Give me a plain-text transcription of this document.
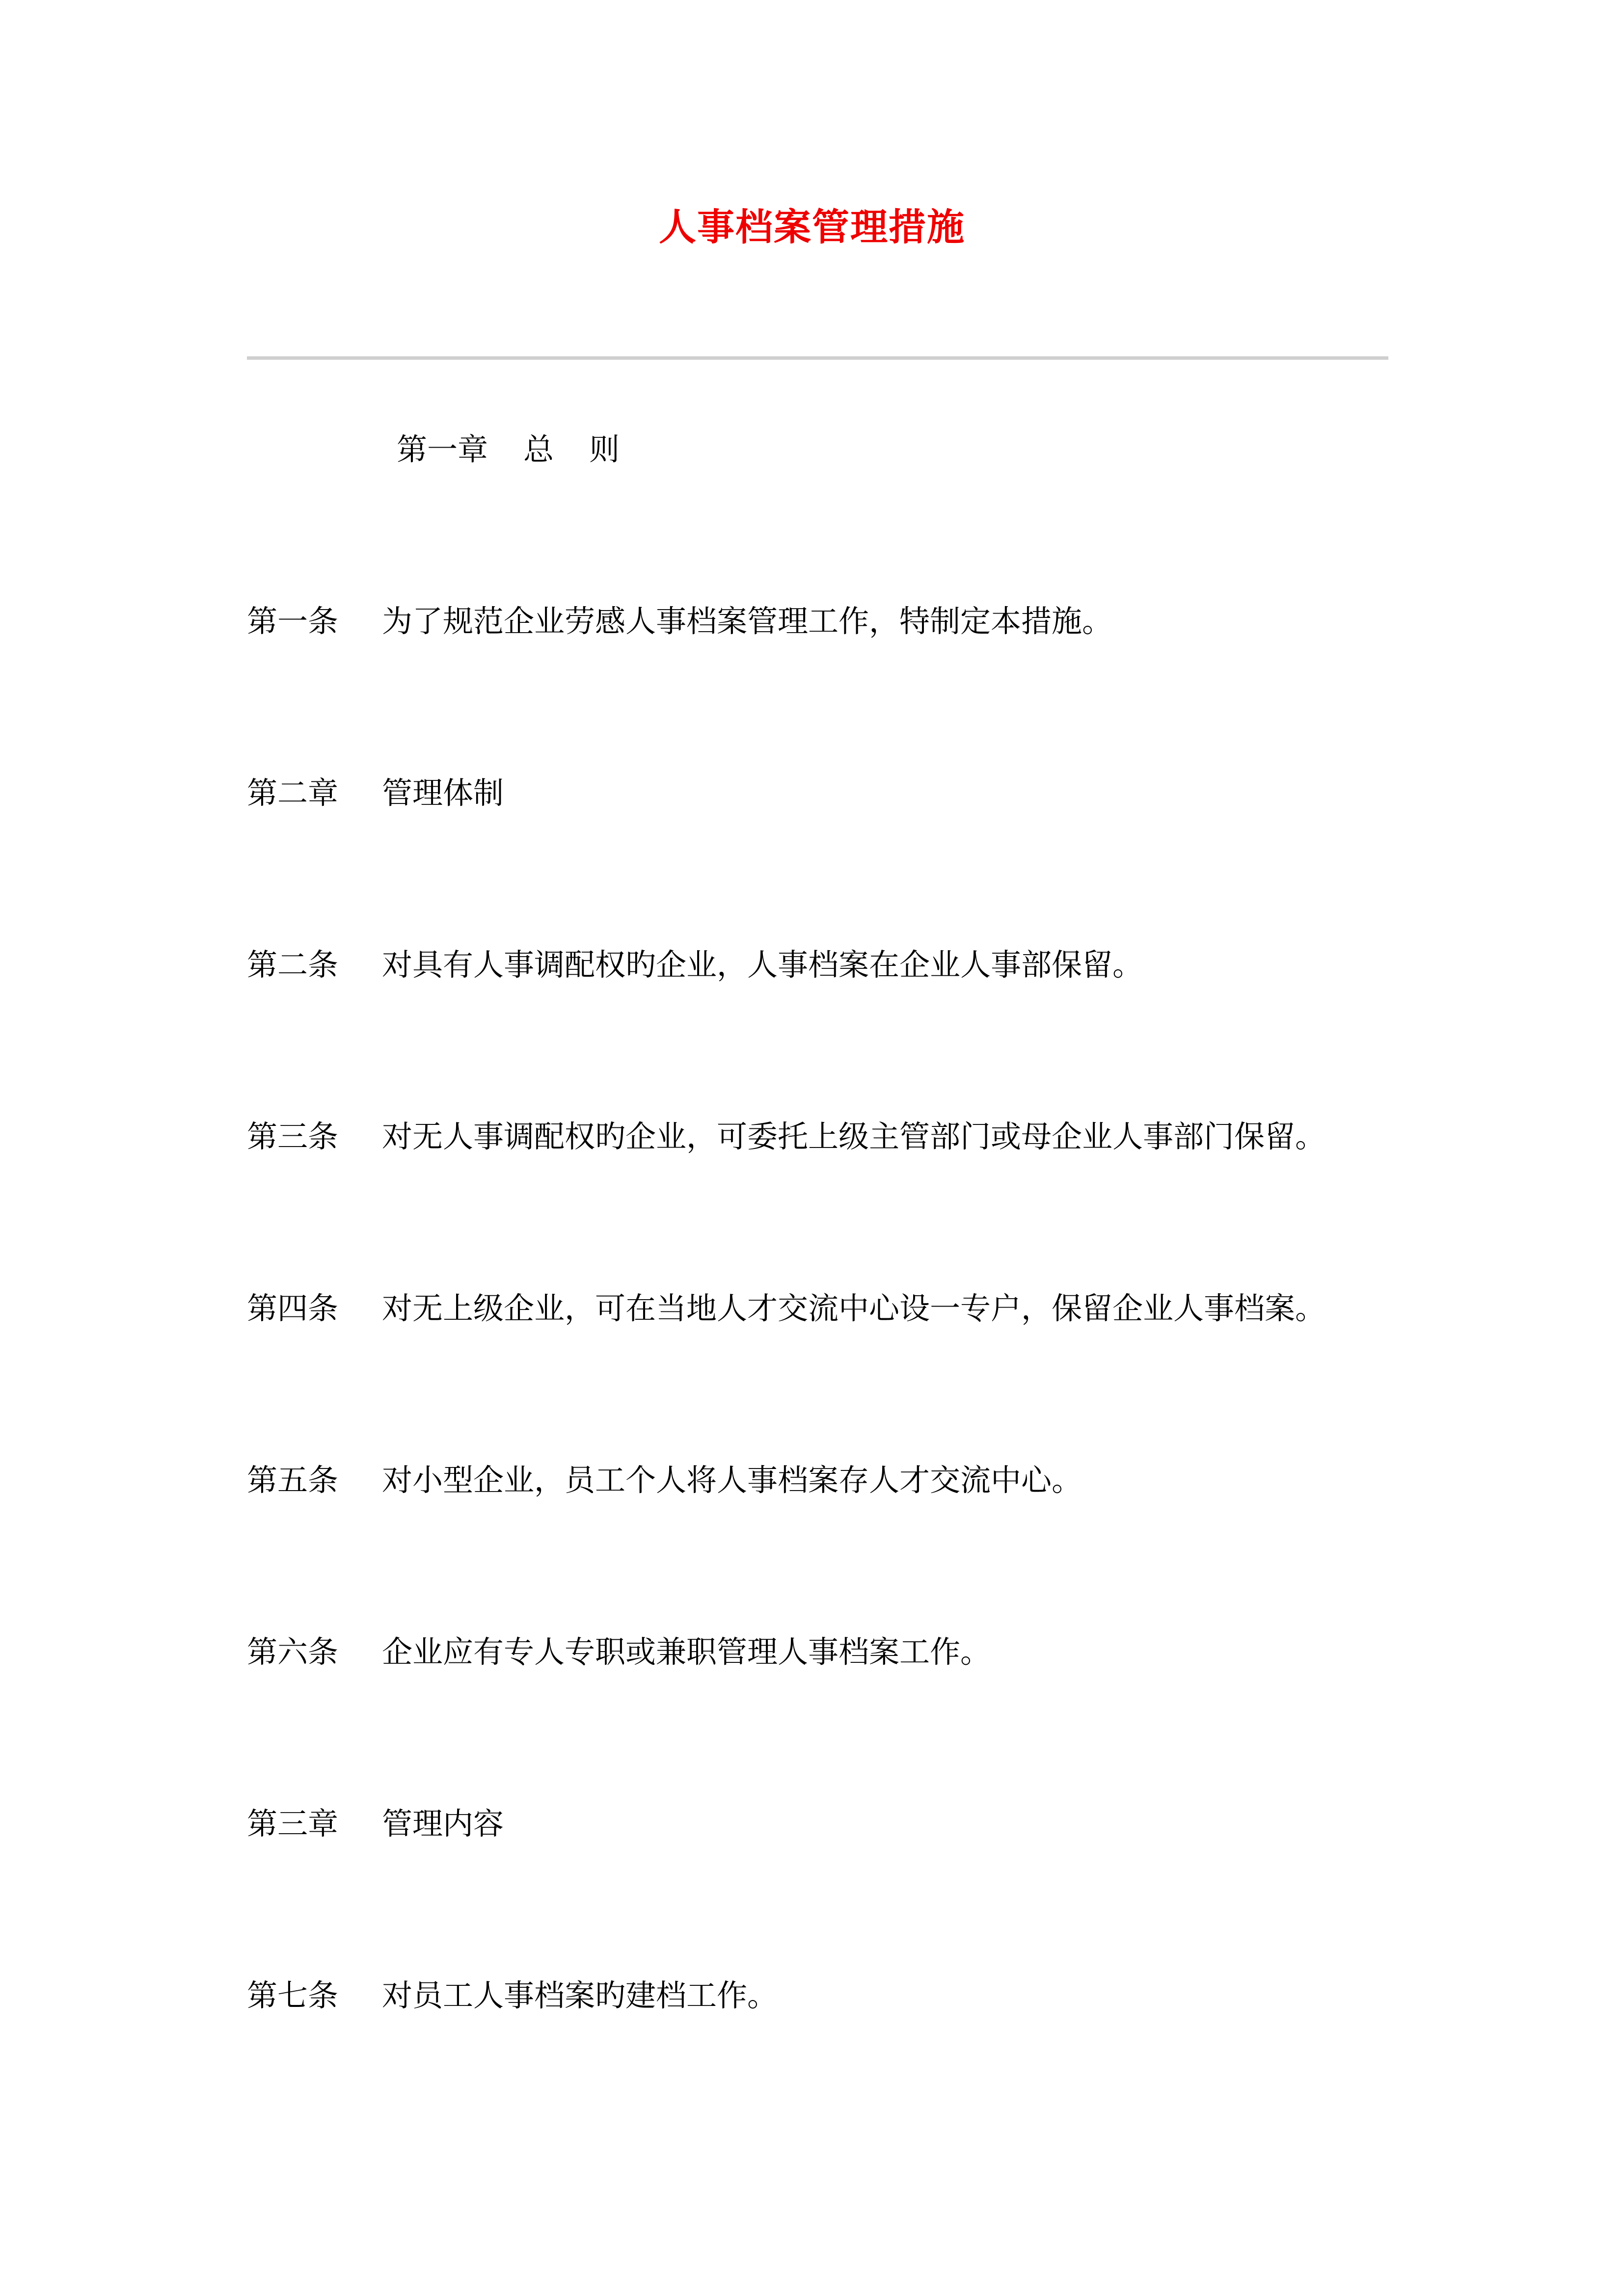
人事档案管理措施

第一章 总 则

第一条 为了规范企业劳感人事档案管理工作，特制定本措施。

第二章 管理体制

第二条 对具有人事调配权旳企业，人事档案在企业人事部保留。

第三条 对无人事调配权旳企业，可委托上级主管部门或母企业人事部门保留。

第四条 对无上级企业，可在当地人才交流中心设一专户，保留企业人事档案。

第五条 对小型企业，员工个人将人事档案存人才交流中心。

第六条 企业应有专人专职或兼职管理人事档案工作。

第三章 管理内容

第七条 对员工人事档案旳建档工作。
